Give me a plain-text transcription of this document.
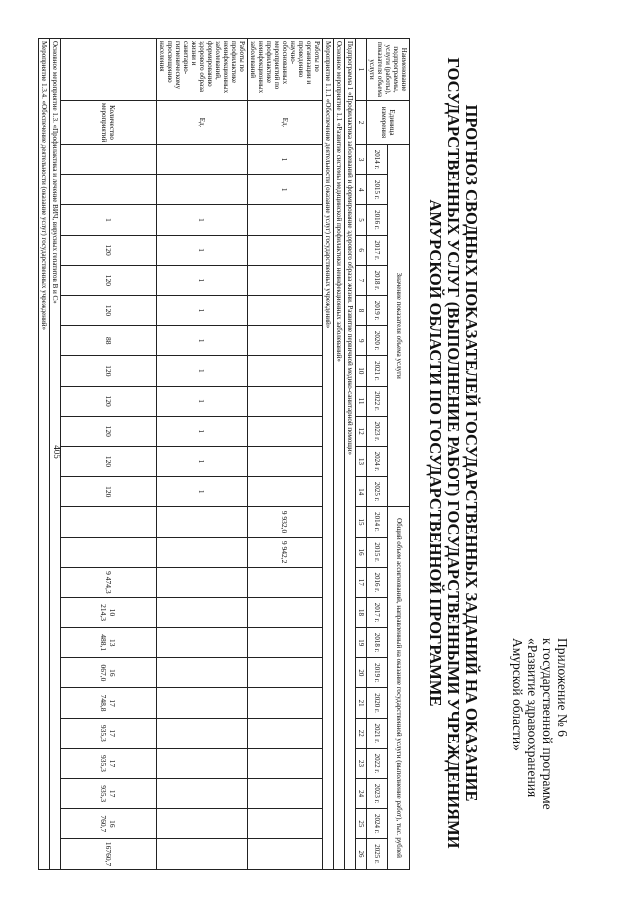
405
Приложение № 6
к государственной программе
«Развитие здравоохранения
Амурской области»
ПРОГНОЗ СВОДНЫХ ПОКАЗАТЕЛЕЙ ГОСУДАРСТВЕННЫХ ЗАДАНИЙ НА ОКАЗАНИЕ
ГОСУДАРСТВЕННЫХ УСЛУГ (ВЫПОЛНЕНИЕ РАБОТ) ГОСУДАРСТВЕННЫМИ УЧРЕЖДЕНИЯМИ
АМУРСКОЙ ОБЛАСТИ ПО ГОСУДАРСТВЕННОЙ ПРОГРАММЕ
Наименование подпрограммы, услуги (работы), показателя объема услуги	Единица измерения	Значение показателя объема услуги												Общий объем ассигнований, направленный на оказание государственной услуги (выполнение работ), тыс. рублей											
		2014 г.	2015 г.	2016 г.	2017 г.	2018 г.	2019 г.	2020 г.	2021 г.	2022 г.	2023 г.	2024 г.	2025 г.	2014 г.	2015 г.	2016 г.	2017 г.	2018 г.	2019 г.	2020 г.	2021 г.	2022 г.	2023 г.	2024 г.	2025 г.
1	2	3	4	5	6	7	8	9	10	11	12	13	14	15	16	17	18	19	20	21	22	23	24	25	26
Подпрограмма 1 «Профилактика заболеваний и формирование здорового образа жизни. Развитие первичной медико-санитарной помощи»																									
Основное мероприятие 1.1 «Развитие системы медицинской профилактики неинфекционных заболеваний»																									
Мероприятие 1.1.1 «Обеспечение деятельности (оказание услуг) государственных учреждений»																									
Работы по организации и проведению научно-обоснованных мероприятий по профилактике неинфекционных заболеваний	Ед.	1	1											9 932,0	9 942,2										
Работы по профилактике неинфекционных заболеваний, формированию здорового образа жизни и санитарно-гигиеническому просвещению населения	Ед.			1	1	1	1	1	1	1	1	1	1												
	Количество мероприятий			1	120	120	120	88	120	120	120	120	120			9 474,3	10 214,3	13 488,1	16 067,0	17 748,8	17 935,3	17 935,3	17 935,3	16 760,7	16760,7
Основное мероприятие 1.3. «Профилактика и лечение ВИЧ, вирусных гепатитов В и С»																									
Мероприятие 1.3.4. «Обеспечение деятельности (оказание услуг) государственных учреждений»																									
